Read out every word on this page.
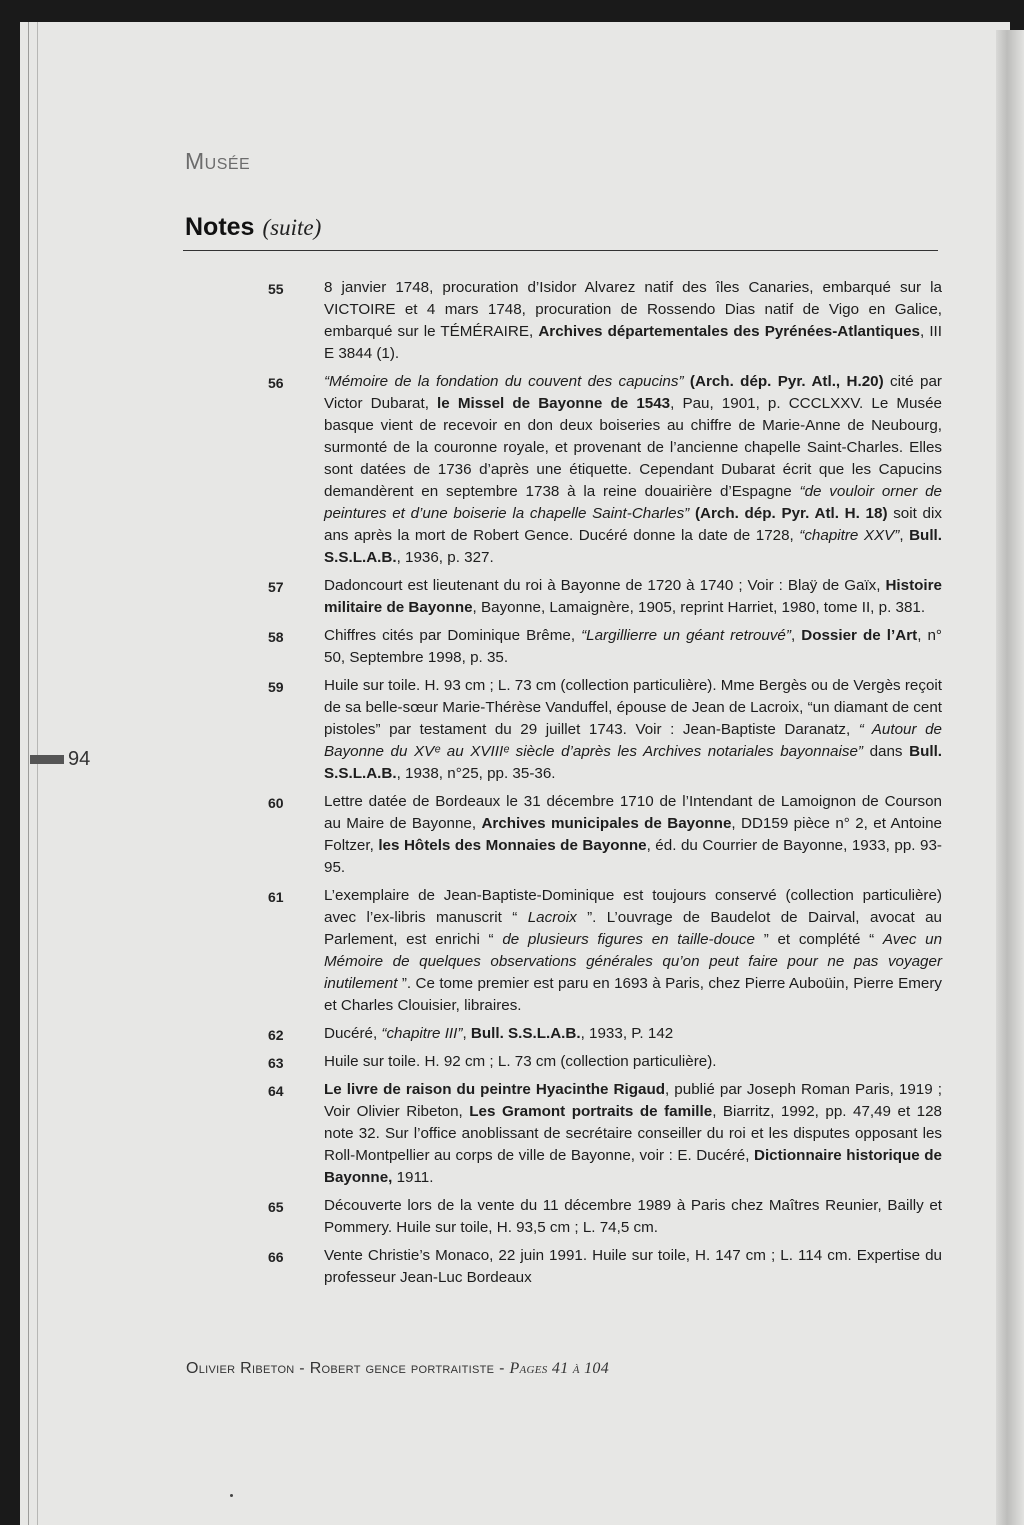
Musée
Notes (suite)
55	8 janvier 1748, procuration d’Isidor Alvarez natif des îles Canaries, embarqué sur la VICTOIRE et 4 mars 1748, procuration de Rossendo Dias natif de Vigo en Galice, embarqué sur le TÉMÉRAIRE, Archives départementales des Pyrénées-Atlantiques, III E 3844 (1).
56	“Mémoire de la fondation du couvent des capucins” (Arch. dép. Pyr. Atl., H.20) cité par Victor Dubarat, le Missel de Bayonne de 1543, Pau, 1901, p. CCCLXXV. Le Musée basque vient de recevoir en don deux boiseries au chiffre de Marie-Anne de Neubourg, surmonté de la couronne royale, et provenant de l’ancienne chapelle Saint-Charles. Elles sont datées de 1736 d’après une étiquette. Cependant Dubarat écrit que les Capucins demandèrent en septembre 1738 à la reine douairière d’Espagne “de vouloir orner de peintures et d’une boiserie la chapelle Saint-Charles” (Arch. dép. Pyr. Atl. H. 18) soit dix ans après la mort de Robert Gence. Ducéré donne la date de 1728, “chapitre XXV”, Bull. S.S.L.A.B., 1936, p. 327.
57	Dadoncourt est lieutenant du roi à Bayonne de 1720 à 1740 ; Voir : Blaÿ de Gaïx, Histoire militaire de Bayonne, Bayonne, Lamaignère, 1905, reprint Harriet, 1980, tome II, p. 381.
58	Chiffres cités par Dominique Brême, “Largillierre un géant retrouvé”, Dossier de l’Art, n° 50, Septembre 1998, p. 35.
59	Huile sur toile. H. 93 cm ; L. 73 cm (collection particulière). Mme Bergès ou de Vergès reçoit de sa belle-sœur Marie-Thérèse Vanduffel, épouse de Jean de Lacroix, “un diamant de cent pistoles” par testament du 29 juillet 1743. Voir : Jean-Baptiste Daranatz, “ Autour de Bayonne du XVᵉ au XVIIIᵉ siècle d’après les Archives notariales bayonnaise” dans Bull. S.S.L.A.B., 1938, n°25, pp. 35-36.
60	Lettre datée de Bordeaux le 31 décembre 1710 de l’Intendant de Lamoignon de Courson au Maire de Bayonne, Archives municipales de Bayonne, DD159 pièce n° 2, et Antoine Foltzer, les Hôtels des Monnaies de Bayonne, éd. du Courrier de Bayonne, 1933, pp. 93-95.
61	L’exemplaire de Jean-Baptiste-Dominique est toujours conservé (collection particulière) avec l’ex-libris manuscrit “ Lacroix ”. L’ouvrage de Baudelot de Dairval, avocat au Parlement, est enrichi “ de plusieurs figures en taille-douce ” et complété “ Avec un Mémoire de quelques observations générales qu’on peut faire pour ne pas voyager inutilement ”. Ce tome premier est paru en 1693 à Paris, chez Pierre Auboüin, Pierre Emery et Charles Clouisier, libraires.
62	Ducéré, “chapitre III”, Bull. S.S.L.A.B., 1933, P. 142
63	Huile sur toile. H. 92 cm ; L. 73 cm (collection particulière).
64	Le livre de raison du peintre Hyacinthe Rigaud, publié par Joseph Roman Paris, 1919 ; Voir Olivier Ribeton, Les Gramont portraits de famille, Biarritz, 1992, pp. 47,49 et 128 note 32. Sur l’office anoblissant de secrétaire conseiller du roi et les disputes opposant les Roll-Montpellier au corps de ville de Bayonne, voir : E. Ducéré, Dictionnaire historique de Bayonne, 1911.
65	Découverte lors de la vente du 11 décembre 1989 à Paris chez Maîtres Reunier, Bailly et Pommery. Huile sur toile, H. 93,5 cm ; L. 74,5 cm.
66	Vente Christie’s Monaco, 22 juin 1991. Huile sur toile, H. 147 cm ; L. 114 cm. Expertise du professeur Jean-Luc Bordeaux
94
Olivier Ribeton - Robert gence portraitiste - Pages 41 à 104
